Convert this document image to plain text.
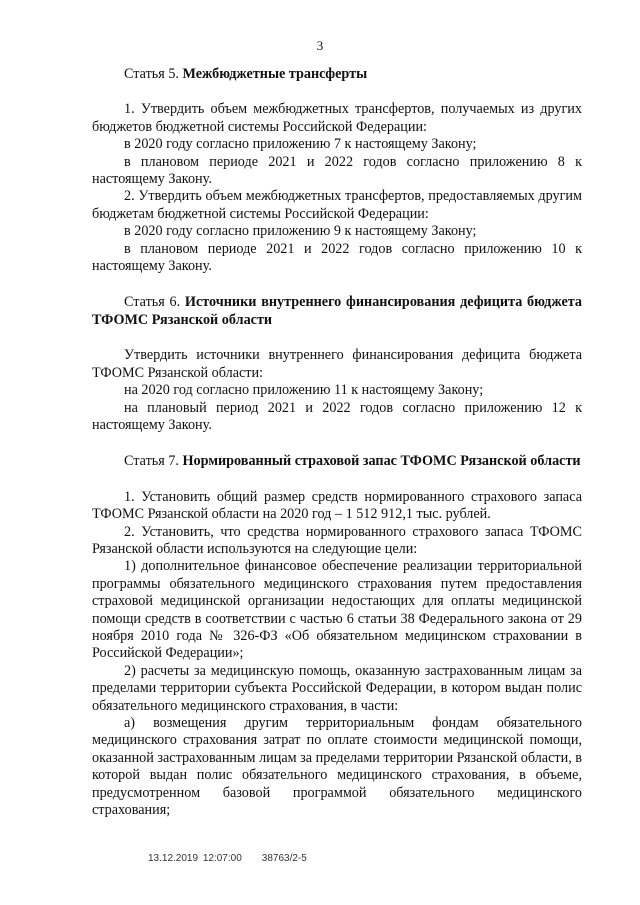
3

Статья 5. Межбюджетные трансферты

1. Утвердить объем межбюджетных трансфертов, получаемых из других бюджетов бюджетной системы Российской Федерации:

в 2020 году согласно приложению 7 к настоящему Закону;

в плановом периоде 2021 и 2022 годов согласно приложению 8 к настоящему Закону.

2. Утвердить объем межбюджетных трансфертов, предоставляемых другим бюджетам бюджетной системы Российской Федерации:

в 2020 году согласно приложению 9 к настоящему Закону;

в плановом периоде 2021 и 2022 годов согласно приложению 10 к настоящему Закону.

Статья 6. Источники внутреннего финансирования дефицита бюджета ТФОМС Рязанской области

Утвердить источники внутреннего финансирования дефицита бюджета ТФОМС Рязанской области:

на 2020 год согласно приложению 11 к настоящему Закону;

на плановый период 2021 и 2022 годов согласно приложению 12 к настоящему Закону.

Статья 7. Нормированный страховой запас ТФОМС Рязанской области

1. Установить общий размер средств нормированного страхового запаса ТФОМС Рязанской области на 2020 год – 1 512 912,1 тыс. рублей.

2. Установить, что средства нормированного страхового запаса ТФОМС Рязанской области используются на следующие цели:

1) дополнительное финансовое обеспечение реализации территориальной программы обязательного медицинского страхования путем предоставления страховой медицинской организации недостающих для оплаты медицинской помощи средств в соответствии с частью 6 статьи 38 Федерального закона от 29 ноября 2010 года № 326-ФЗ «Об обязательном медицинском страховании в Российской Федерации»;

2) расчеты за медицинскую помощь, оказанную застрахованным лицам за пределами территории субъекта Российской Федерации, в котором выдан полис обязательного медицинского страхования, в части:

а) возмещения другим территориальным фондам обязательного медицинского страхования затрат по оплате стоимости медицинской помощи, оказанной застрахованным лицам за пределами территории Рязанской области, в которой выдан полис обязательного медицинского страхования, в объеме, предусмотренном базовой программой обязательного медицинского страхования;

13.12.2019 12:07:00 38763/2-5
